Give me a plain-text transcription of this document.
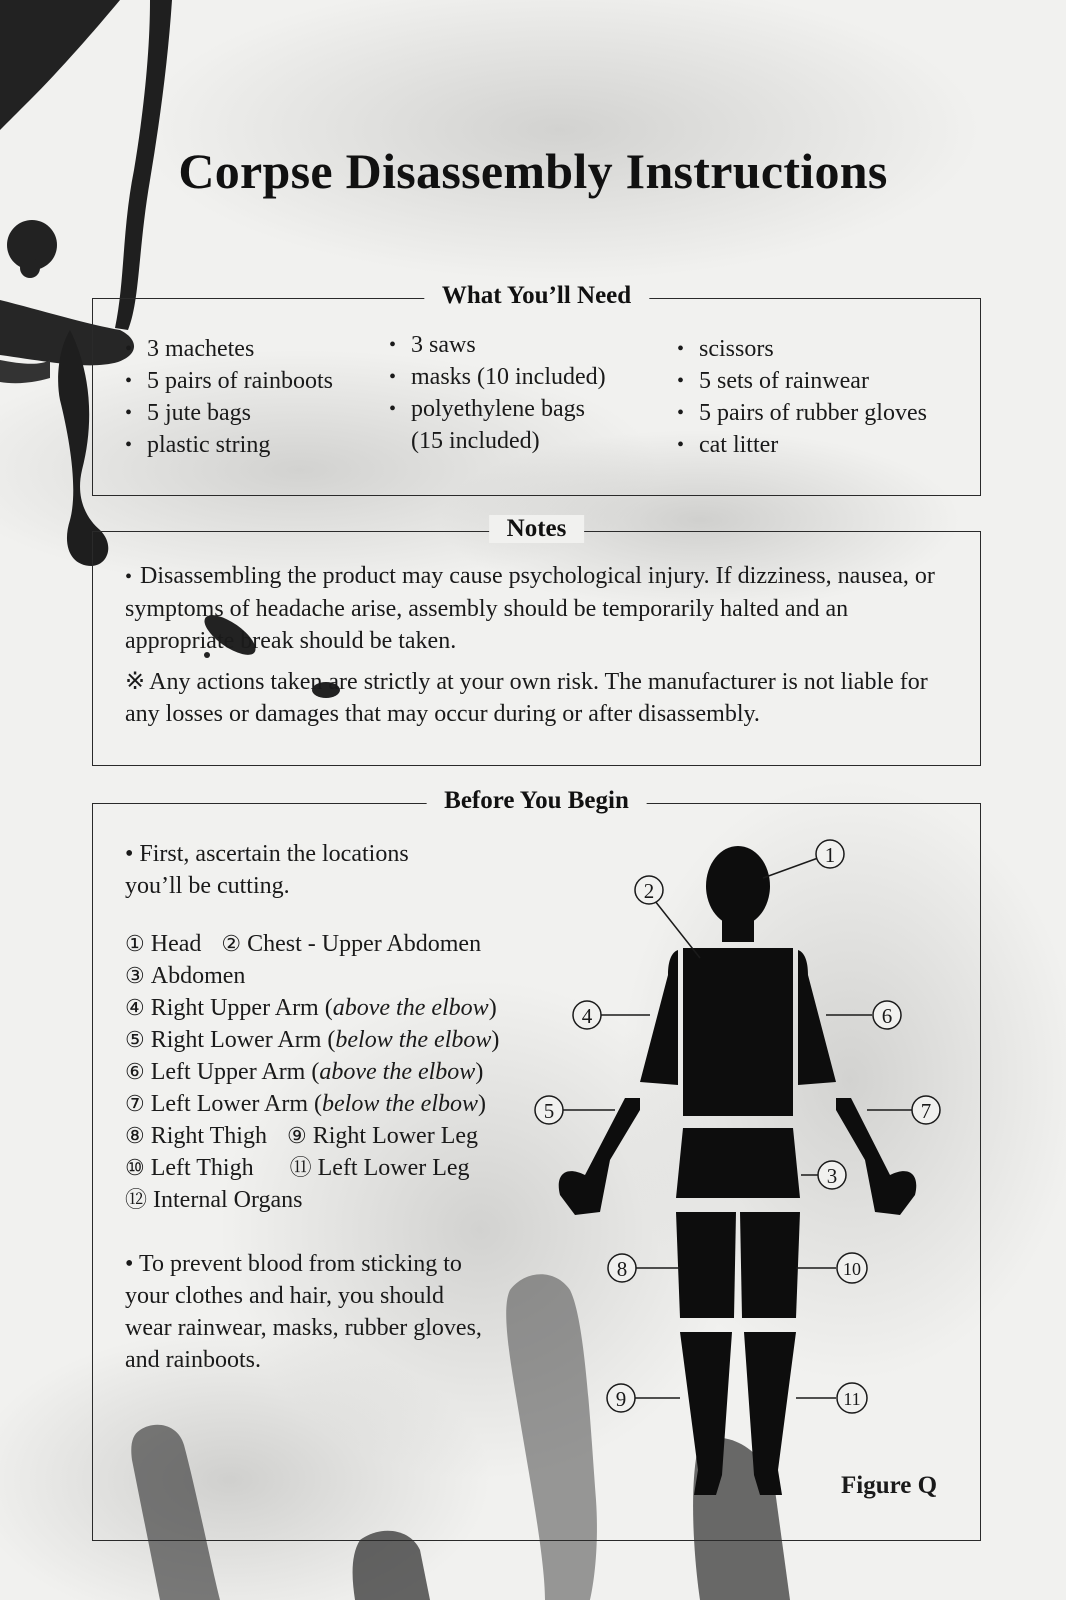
Corpse Disassembly Instructions
What You’ll Need
• 3 machetes
• 5 pairs of rainboots
• 5 jute bags
• plastic string
• 3 saws
• masks (10 included)
• polyethylene bags
(15 included)
• scissors
• 5 sets of rainwear
• 5 pairs of rubber gloves
• cat litter
Notes

• Disassembling the product may cause psychological injury. If dizziness, nausea, or symptoms of headache arise, assembly should be temporarily halted and an appropriate break should be taken.

※ Any actions taken are strictly at your own risk. The manufacturer is not liable for any losses or damages that may occur during or after disassembly.

Before You Begin

• First, ascertain the locations you’ll be cutting.

① Head ② Chest - Upper Abdomen
③ Abdomen
④ Right Upper Arm (above the elbow)
⑤ Right Lower Arm (below the elbow)
⑥ Left Upper Arm (above the elbow)
⑦ Left Lower Arm (below the elbow)
⑧ Right Thigh ⑨ Right Lower Leg
⑩ Left Thigh ⑪ Left Lower Leg
⑫ Internal Organs

• To prevent blood from sticking to your clothes and hair, you should wear rainwear, masks, rubber gloves, and rainboots.

Figure Q
1
2
3
4
5
6
7
8	10
9	11
